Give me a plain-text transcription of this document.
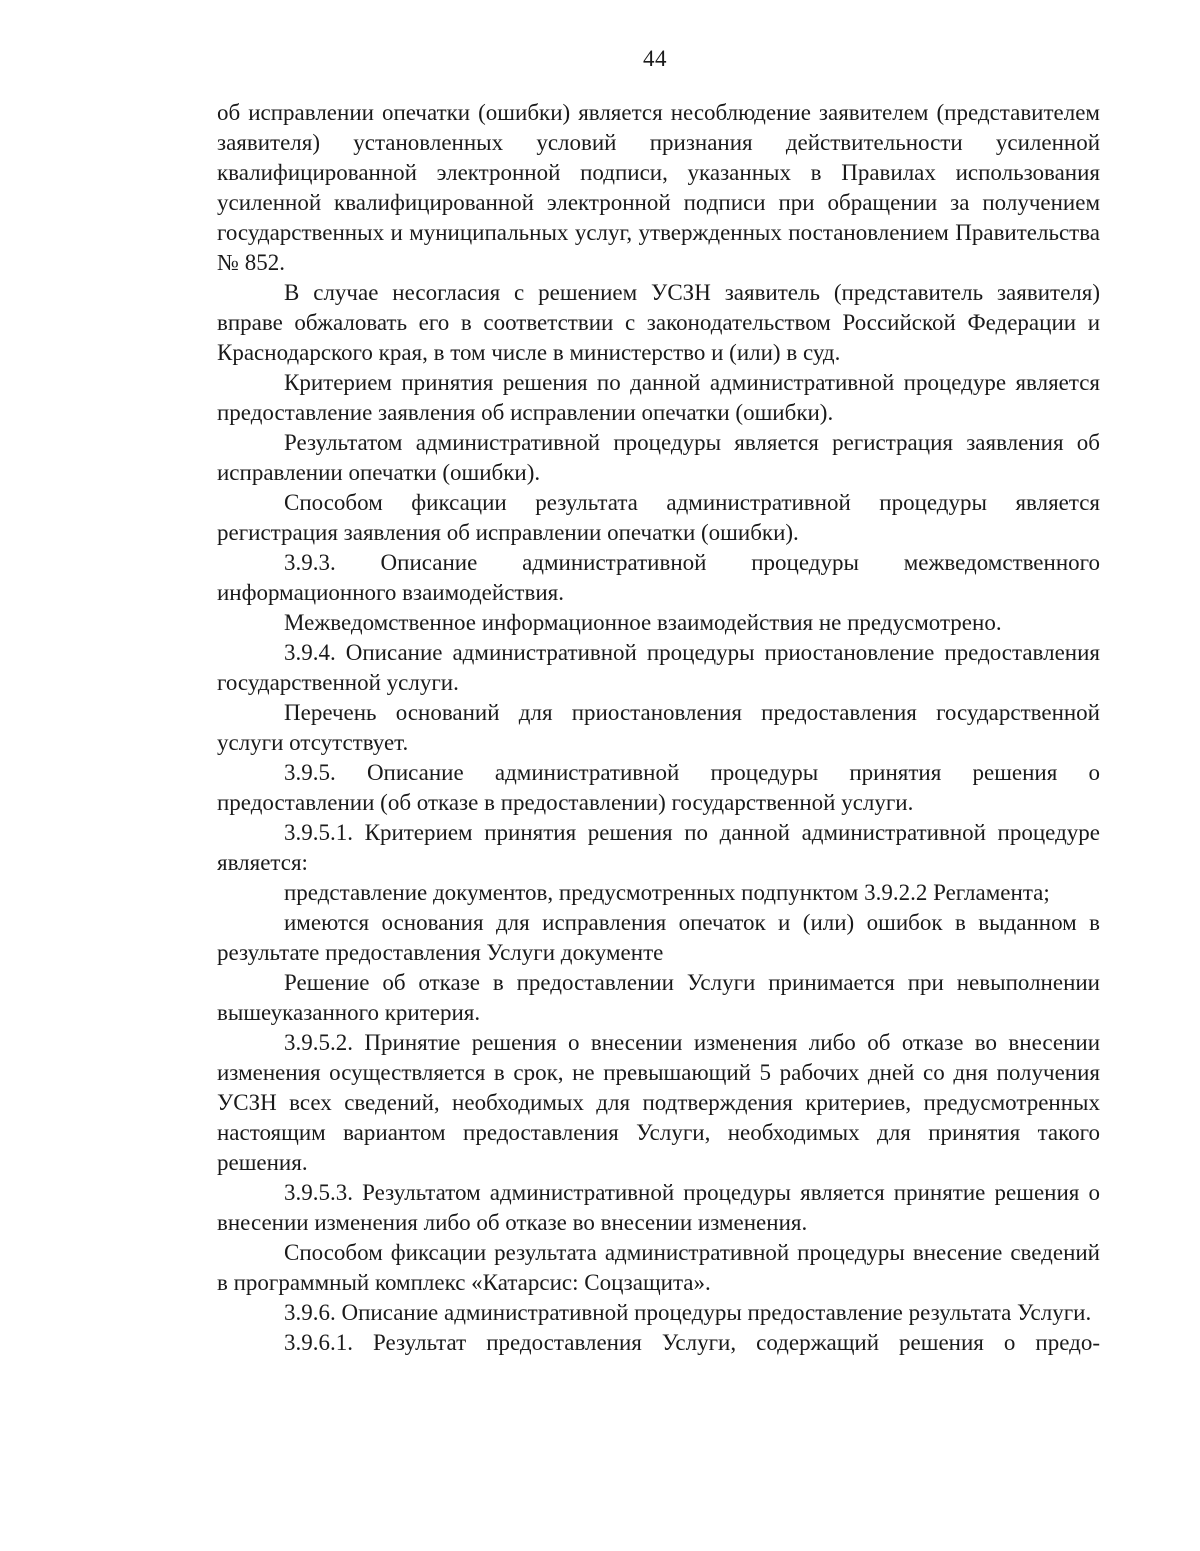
44

об исправлении опечатки (ошибки) является несоблюдение заявителем (представителем заявителя) установленных условий признания действительности усиленной квалифицированной электронной подписи, указанных в Правилах использования усиленной квалифицированной электронной подписи при обращении за получением государственных и муниципальных услуг, утвержденных постановлением Правительства № 852.

В случае несогласия с решением УСЗН заявитель (представитель заявителя) вправе обжаловать его в соответствии с законодательством Российской Федерации и Краснодарского края, в том числе в министерство и (или) в суд.

Критерием принятия решения по данной административной процедуре является предоставление заявления об исправлении опечатки (ошибки).

Результатом административной процедуры является регистрация заявления об исправлении опечатки (ошибки).

Способом фиксации результата административной процедуры является регистрация заявления об исправлении опечатки (ошибки).

3.9.3. Описание административной процедуры межведомственного информационного взаимодействия.

Межведомственное информационное взаимодействия не предусмотрено.

3.9.4. Описание административной процедуры приостановление предоставления государственной услуги.

Перечень оснований для приостановления предоставления государственной услуги отсутствует.

3.9.5. Описание административной процедуры принятия решения о предоставлении (об отказе в предоставлении) государственной услуги.

3.9.5.1. Критерием принятия решения по данной административной процедуре является:

представление документов, предусмотренных подпунктом 3.9.2.2 Регламента;

имеются основания для исправления опечаток и (или) ошибок в выданном в результате предоставления Услуги документе

Решение об отказе в предоставлении Услуги принимается при невыполнении вышеуказанного критерия.

3.9.5.2. Принятие решения о внесении изменения либо об отказе во внесении изменения осуществляется в срок, не превышающий 5 рабочих дней со дня получения УСЗН всех сведений, необходимых для подтверждения критериев, предусмотренных настоящим вариантом предоставления Услуги, необходимых для принятия такого решения.

3.9.5.3. Результатом административной процедуры является принятие решения о внесении изменения либо об отказе во внесении изменения.

Способом фиксации результата административной процедуры внесение сведений в программный комплекс «Катарсис: Соцзащита».

3.9.6. Описание административной процедуры предоставление результата Услуги.

3.9.6.1. Результат предоставления Услуги, содержащий решения о предо-
